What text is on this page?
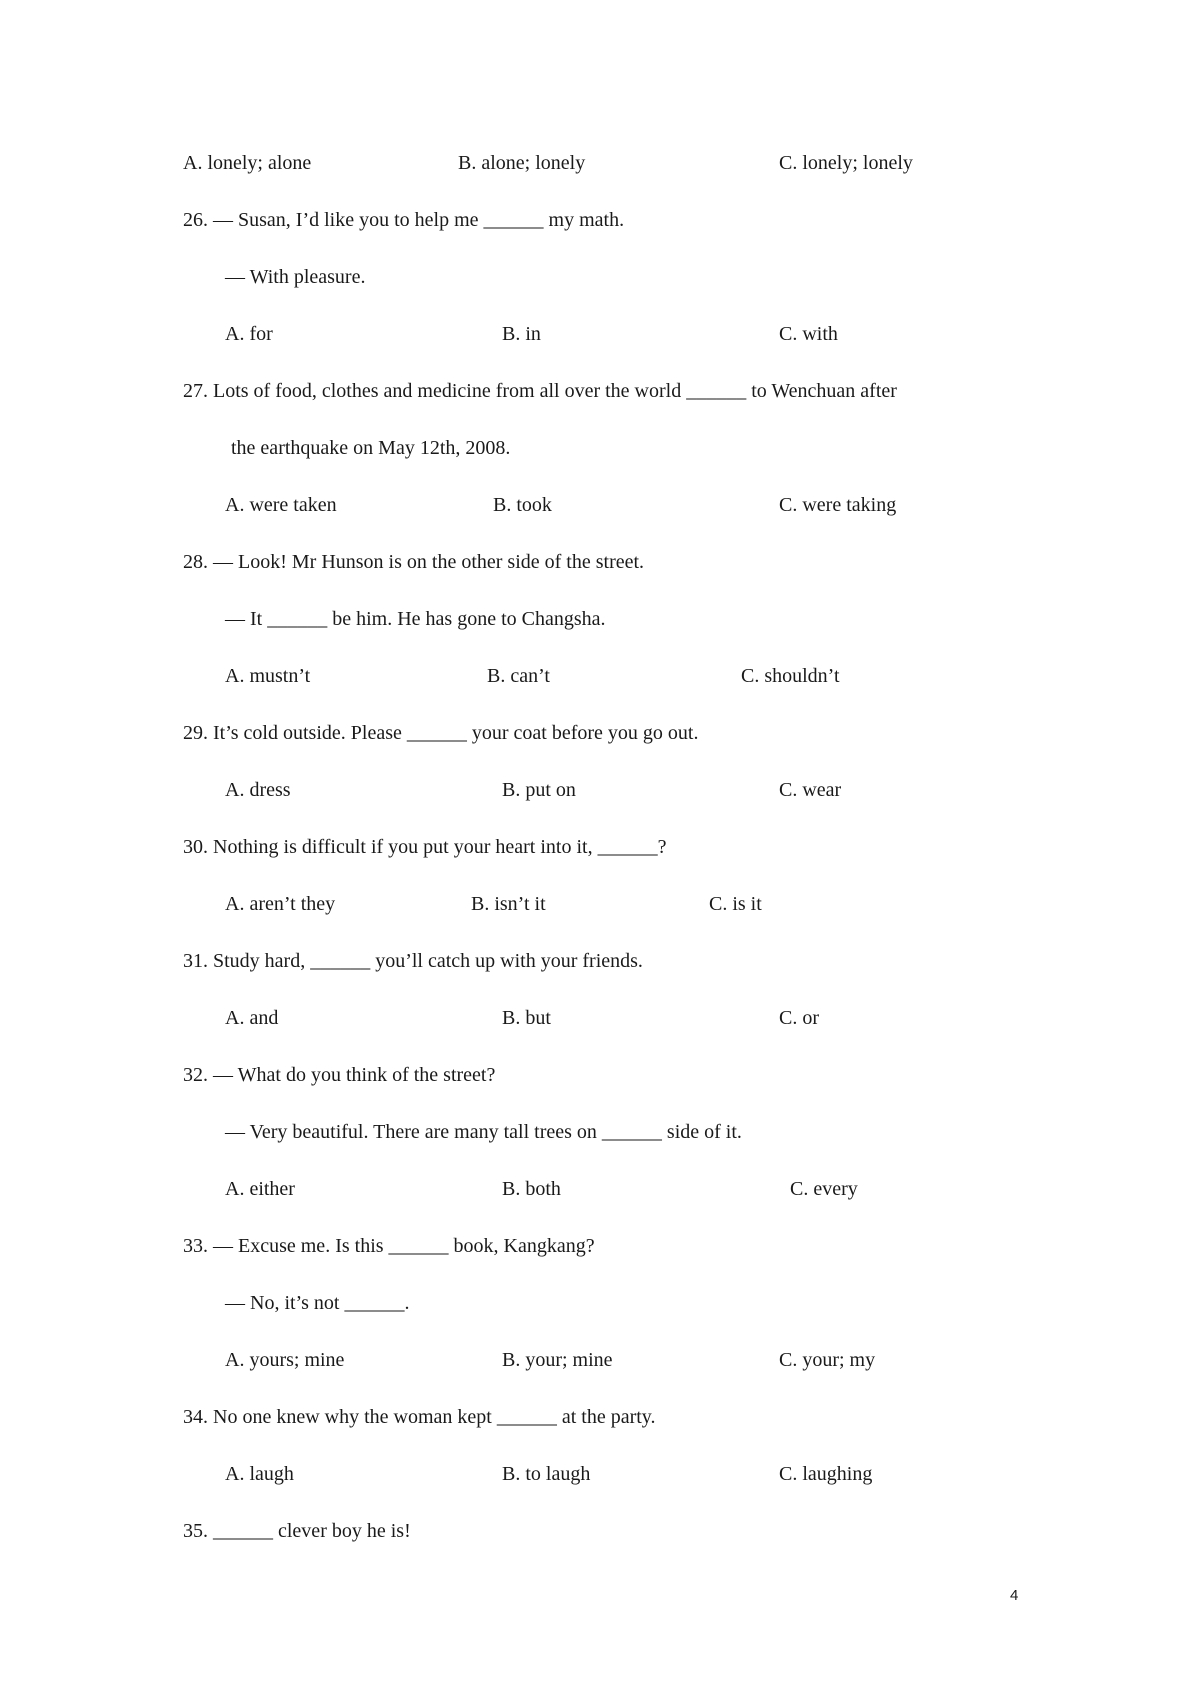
A. lonely; alone	B. alone; lonely	C. lonely; lonely
26. — Susan, I’d like you to help me ______ my math.
— With pleasure.
A. for	B. in	C. with
27. Lots of food, clothes and medicine from all over the world ______ to Wenchuan after
the earthquake on May 12th, 2008.
A. were taken	B. took	C. were taking
28. — Look! Mr Hunson is on the other side of the street.
— It ______ be him. He has gone to Changsha.
A. mustn’t	B. can’t	C. shouldn’t
29. It’s cold outside. Please ______ your coat before you go out.
A. dress	B. put on	C. wear
30. Nothing is difficult if you put your heart into it, ______?
A. aren’t they	B. isn’t it	C. is it
31. Study hard, ______ you’ll catch up with your friends.
A. and	B. but	C. or
32. — What do you think of the street?
— Very beautiful. There are many tall trees on ______ side of it.
A. either	B. both	C. every
33. — Excuse me. Is this ______ book, Kangkang?
— No, it’s not ______.
A. yours; mine	B. your; mine	C. your; my
34. No one knew why the woman kept ______ at the party.
A. laugh	B. to laugh	C. laughing
35. ______ clever boy he is!
4
